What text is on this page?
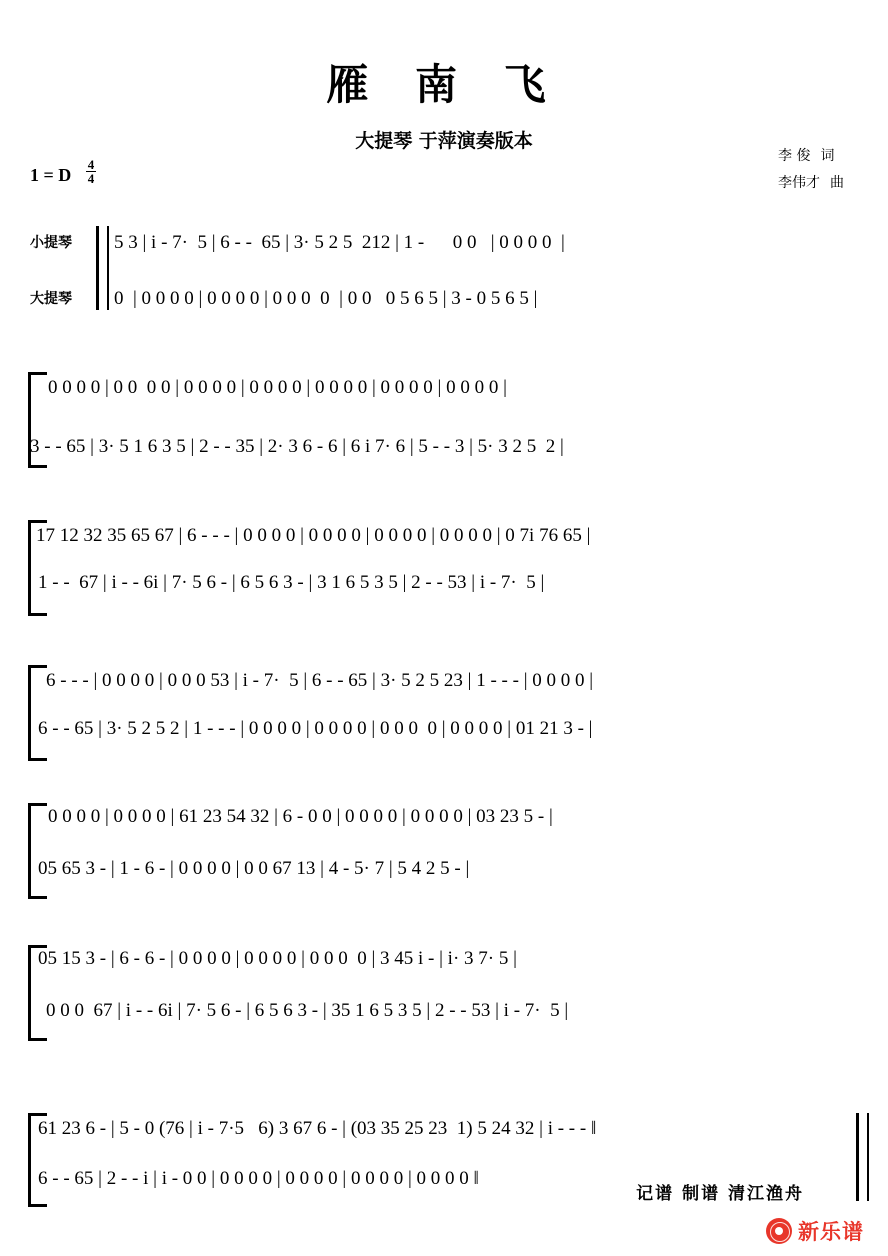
雁 南 飞
大提琴 于萍演奏版本
1 = D $\frac{4}{4}$
李 俊 词
李伟才 曲
小提琴
大提琴
5 3 | i - 7·  5 | 6 - -  65 | 3· 5 2 5  212 | 1 -      0 0   | 0 0 0 0  |
0  | 0 0 0 0 | 0 0 0 0 | 0 0 0  0  | 0 0   0 5 6 5 | 3 - 0 5 6 5 |
0 0 0 0 | 0 0  0 0 | 0 0 0 0 | 0 0 0 0 | 0 0 0 0 | 0 0 0 0 | 0 0 0 0 |
3 - - 65 | 3· 5 1 6 3 5 | 2 - - 35 | 2· 3 6 - 6 | 6 i 7· 6 | 5 - - 3 | 5· 3 2 5  2 |
17 12 32 35 65 67 | 6 - - - | 0 0 0 0 | 0 0 0 0 | 0 0 0 0 | 0 0 0 0 | 0 7i 76 65 |
1 - -  67 | i - - 6i | 7· 5 6 - | 6 5 6 3 - | 3 1 6 5 3 5 | 2 - - 53 | i - 7·  5 |
6 - - - | 0 0 0 0 | 0 0 0 53 | i - 7·  5 | 6 - - 65 | 3· 5 2 5 23 | 1 - - - | 0 0 0 0 |
6 - - 65 | 3· 5 2 5 2 | 1 - - - | 0 0 0 0 | 0 0 0 0 | 0 0 0  0 | 0 0 0 0 | 01 21 3 - |
0 0 0 0 | 0 0 0 0 | 61 23 54 32 | 6 - 0 0 | 0 0 0 0 | 0 0 0 0 | 03 23 5 - |
05 65 3 - | 1 - 6 - | 0 0 0 0 | 0 0 67 13 | 4 - 5· 7 | 5 4 2 5 - |
05 15 3 - | 6 - 6 - | 0 0 0 0 | 0 0 0 0 | 0 0 0  0 | 3 45 i - | i· 3 7· 5 |
0 0 0  67 | i - - 6i | 7· 5 6 - | 6 5 6 3 - | 35 1 6 5 3 5 | 2 - - 53 | i - 7·  5 |
61 23 6 - | 5 - 0 (76 | i - 7·5   6) 3 67 6 - | (03 35 25 23  1) 5 24 32 | i - - - ‖
6 - - 65 | 2 - - i | i - 0 0 | 0 0 0 0 | 0 0 0 0 | 0 0 0 0 | 0 0 0 0 ‖
记谱 制谱 清江渔舟
新乐谱
